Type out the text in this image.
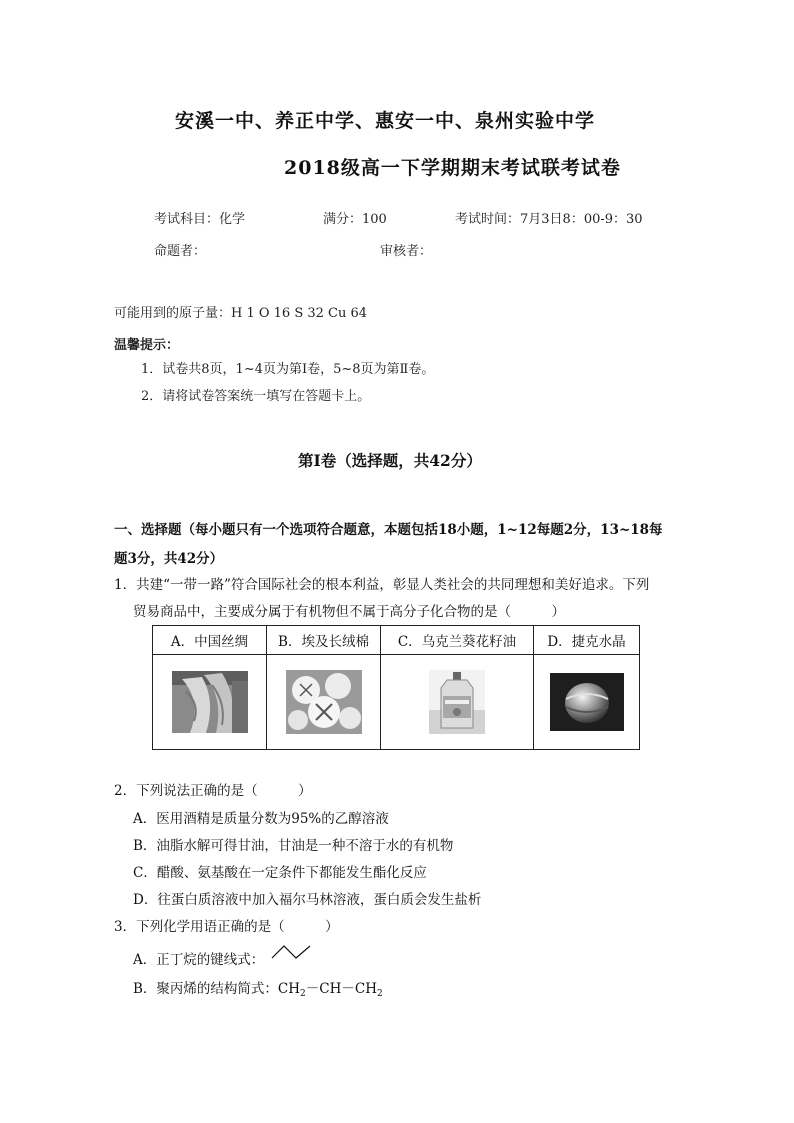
安溪一中、养正中学、惠安一中、泉州实验中学
2018级高一下学期期末考试联考试卷
考试科目：化学	满分：100	考试时间：7月3日8：00-9：30
命题者：	审核者：
可能用到的原子量：H 1 O 16 S 32 Cu 64
温馨提示：
1．试卷共8页，1~4页为第Ⅰ卷，5~8页为第Ⅱ卷。
2．请将试卷答案统一填写在答题卡上。
第Ⅰ卷（选择题，共42分）
一、选择题（每小题只有一个选项符合题意，本题包括18小题，1~12每题2分，13~18每
题3分，共42分）
1．共建“一带一路”符合国际社会的根本利益，彰显人类社会的共同理想和美好追求。下列
贸易商品中，主要成分属于有机物但不属于高分子化合物的是（　　　）
A．中国丝绸	B．埃及长绒棉	C．乌克兰葵花籽油	D．捷克水晶

2．下列说法正确的是（　　　）
A．医用酒精是质量分数为95%的乙醇溶液
B．油脂水解可得甘油，甘油是一种不溶于水的有机物
C．醋酸、氨基酸在一定条件下都能发生酯化反应
D．往蛋白质溶液中加入福尔马林溶液，蛋白质会发生盐析
3．下列化学用语正确的是（　　　）
A．正丁烷的键线式：
B．聚丙烯的结构简式：$CH_2-CH-CH_2$
